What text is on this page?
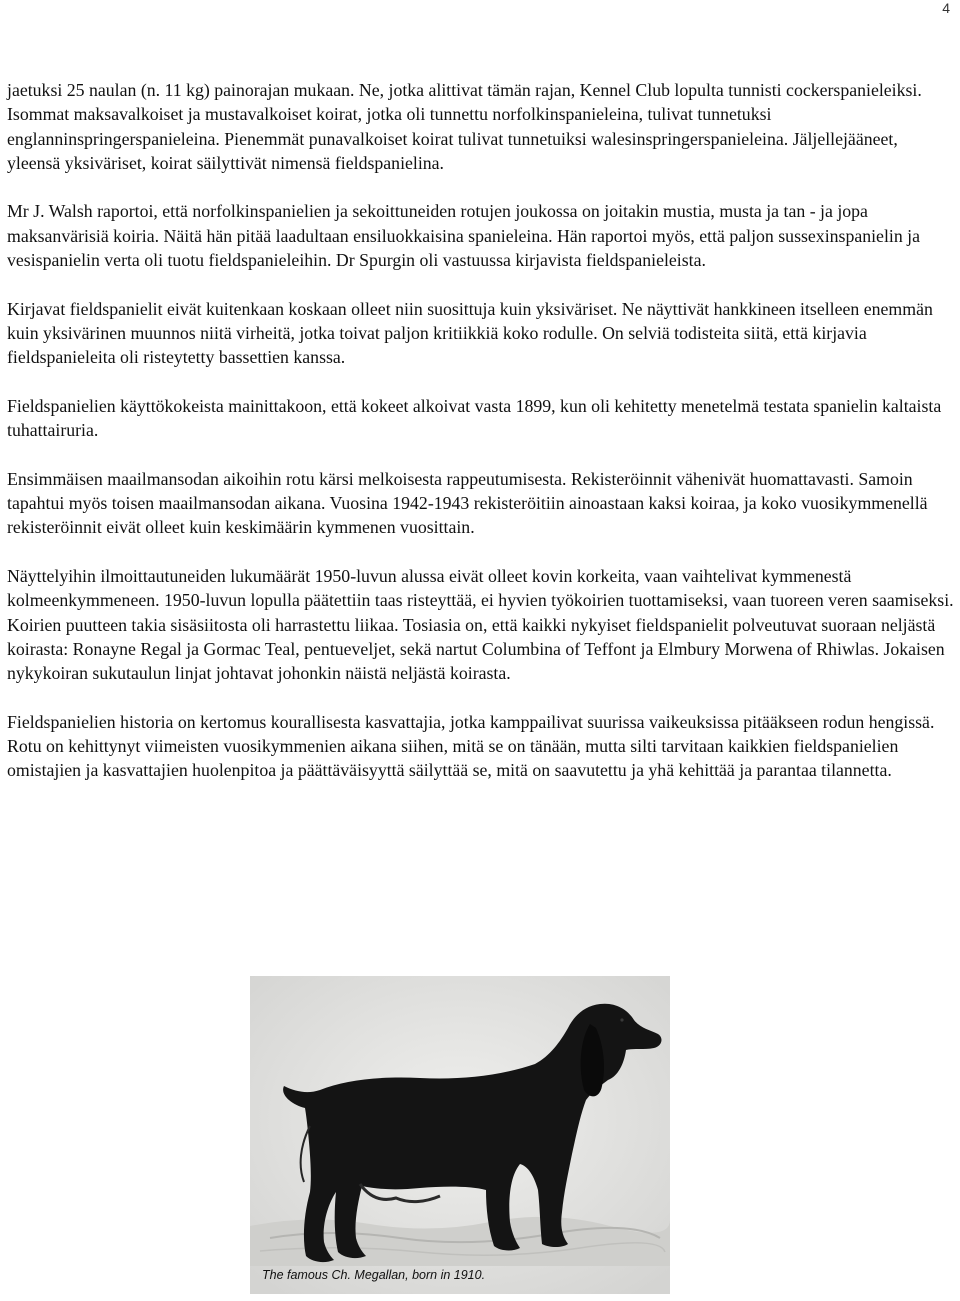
4

jaetuksi 25 naulan (n. 11 kg) painorajan mukaan. Ne, jotka alittivat tämän rajan, Kennel Club lopulta tunnisti cockerspanieleiksi. Isommat maksavalkoiset ja mustavalkoiset koirat, jotka oli tunnettu norfolkinspanieleina, tulivat tunnetuksi englanninspringerspanieleina. Pienemmät punavalkoiset koirat tulivat tunnetuiksi walesinspringerspanieleina. Jäljellejääneet, yleensä yksiväriset, koirat säilyttivät nimensä fieldspanielina.

Mr J. Walsh raportoi, että norfolkinspanielien ja sekoittuneiden rotujen joukossa on joitakin mustia, musta ja tan - ja jopa maksanvärisiä koiria. Näitä hän pitää laadultaan ensiluokkaisina spanieleina. Hän raportoi myös, että paljon sussexinspanielin ja vesispanielin verta oli tuotu fieldspanieleihin. Dr Spurgin oli vastuussa kirjavista fieldspanieleista.

Kirjavat fieldspanielit eivät kuitenkaan koskaan olleet niin suosittuja kuin yksiväriset. Ne näyttivät hankkineen itselleen enemmän kuin yksivärinen muunnos niitä virheitä, jotka toivat paljon kritiikkiä koko rodulle. On selviä todisteita siitä, että kirjavia fieldspanieleita oli risteytetty bassettien kanssa.

Fieldspanielien käyttökokeista mainittakoon, että kokeet alkoivat vasta 1899, kun oli kehitetty menetelmä testata spanielin kaltaista tuhattairuria.

Ensimmäisen maailmansodan aikoihin rotu kärsi melkoisesta rappeutumisesta. Rekisteröinnit vähenivät huomattavasti. Samoin tapahtui myös toisen maailmansodan aikana. Vuosina 1942-1943 rekisteröitiin ainoastaan kaksi koiraa, ja koko vuosikymmenellä rekisteröinnit eivät olleet kuin keskimäärin kymmenen vuosittain.

Näyttelyihin ilmoittautuneiden lukumäärät 1950-luvun alussa eivät olleet kovin korkeita, vaan vaihtelivat kymmenestä kolmeenkymmeneen. 1950-luvun lopulla päätettiin taas risteyttää, ei hyvien työkoirien tuottamiseksi, vaan tuoreen veren saamiseksi. Koirien puutteen takia sisäsiitosta oli harrastettu liikaa. Tosiasia on, että kaikki nykyiset fieldspanielit polveutuvat suoraan neljästä koirasta: Ronayne Regal ja Gormac Teal, pentueveljet, sekä nartut Columbina of Teffont ja Elmbury Morwena of Rhiwlas. Jokaisen nykykoiran sukutaulun linjat johtavat johonkin näistä neljästä koirasta.

Fieldspanielien historia on kertomus kourallisesta kasvattajia, jotka kamppailivat suurissa vaikeuksissa pitääkseen rodun hengissä. Rotu on kehittynyt viimeisten vuosikymmenien aikana siihen, mitä se on tänään, mutta silti tarvitaan kaikkien fieldspanielien omistajien ja kasvattajien huolenpitoa ja päättäväisyyttä säilyttää se, mitä on saavutettu ja yhä kehittää ja parantaa tilannetta.

The famous Ch. Megallan, born in 1910.
